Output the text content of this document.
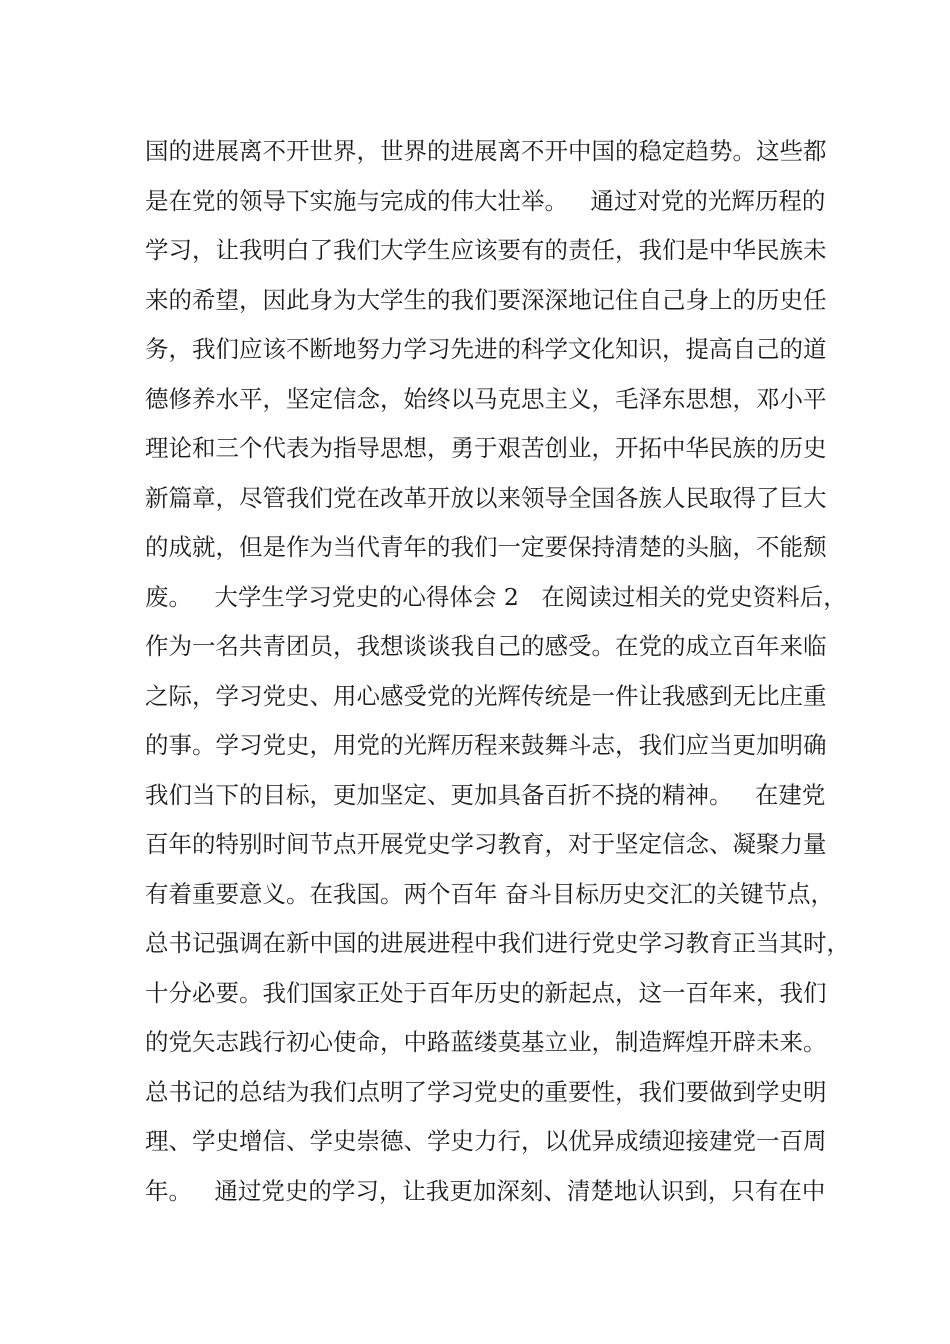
国的进展离不开世界，世界的进展离不开中国的稳定趋势。这些都
是在党的领导下实施与完成的伟大壮举。   通过对党的光辉历程的
学习，让我明白了我们大学生应该要有的责任，我们是中华民族未
来的希望，因此身为大学生的我们要深深地记住自己身上的历史任
务，我们应该不断地努力学习先进的科学文化知识，提高自己的道
德修养水平，坚定信念，始终以马克思主义，毛泽东思想，邓小平
理论和三个代表为指导思想，勇于艰苦创业，开拓中华民族的历史
新篇章，尽管我们党在改革开放以来领导全国各族人民取得了巨大
的成就，但是作为当代青年的我们一定要保持清楚的头脑，不能颓
废。   大学生学习党史的心得体会 2   在阅读过相关的党史资料后，
作为一名共青团员，我想谈谈我自己的感受。在党的成立百年来临
之际，学习党史、用心感受党的光辉传统是一件让我感到无比庄重
的事。学习党史，用党的光辉历程来鼓舞斗志，我们应当更加明确
我们当下的目标，更加坚定、更加具备百折不挠的精神。   在建党
百年的特别时间节点开展党史学习教育，对于坚定信念、凝聚力量
有着重要意义。在我国。两个百年 奋斗目标历史交汇的关键节点，
总书记强调在新中国的进展进程中我们进行党史学习教育正当其时，
十分必要。我们国家正处于百年历史的新起点，这一百年来，我们
的党矢志践行初心使命，中路蓝缕莫基立业，制造辉煌开辟未来。
总书记的总结为我们点明了学习党史的重要性，我们要做到学史明
理、学史增信、学史崇德、学史力行，以优异成绩迎接建党一百周
年。   通过党史的学习，让我更加深刻、清楚地认识到，只有在中
